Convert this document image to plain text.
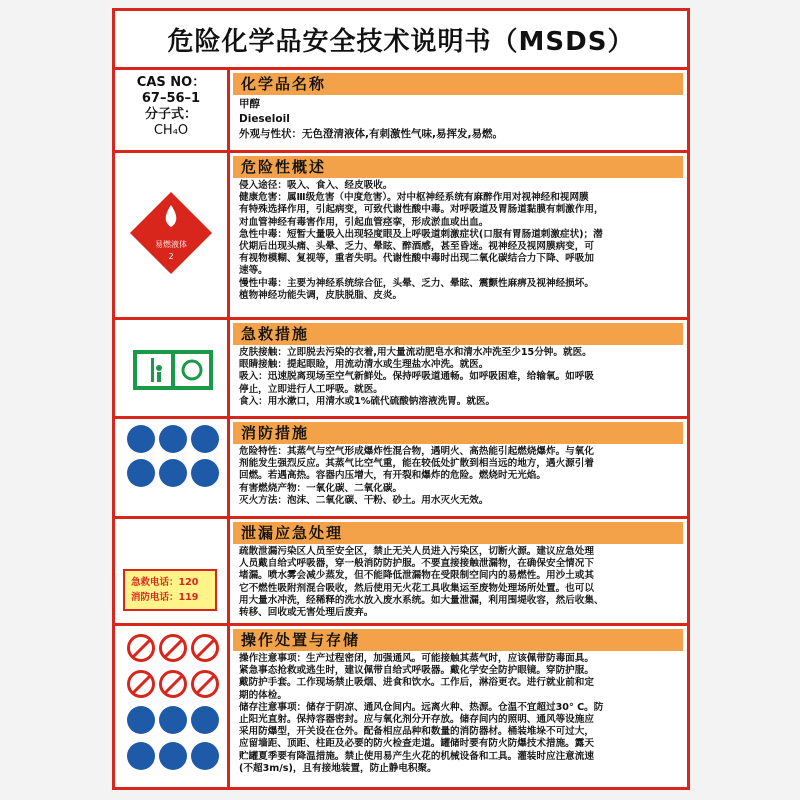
危险化学品安全技术说明书（MSDS）
CAS NO：
67–56–1
分子式：
CH₄O
化学品名称

甲醇

Dieseloil

外观与性状：无色澄清液体,有刺激性气味,易挥发,易燃。

易燃液体
2
危险性概述

侵入途径：吸入、食入、经皮吸收。

健康危害：属Ⅲ级危害（中度危害）。对中枢神经系统有麻醉作用对视神经和视网膜

有特殊选择作用，引起病变，可致代谢性酸中毒。对呼吸道及胃肠道黏膜有刺激作用，

对血管神经有毒害作用，引起血管痉挛，形成淤血或出血。

急性中毒：短暂大量吸入出现轻度眼及上呼吸道刺激症状(口服有胃肠道刺激症状)；潜

伏期后出现头痛、头晕、乏力、晕眩、醉酒感，甚至昏迷。视神经及视网膜病变，可

有视物模糊、复视等，重者失明。代谢性酸中毒时出现二氧化碳结合力下降、呼吸加

速等。

慢性中毒：主要为神经系统综合征，头晕、乏力、晕眩、震颤性麻痹及视神经损坏。

植物神经功能失调，皮肤脱脂、皮炎。

急救措施

皮肤接触：立即脱去污染的衣着,用大量流动肥皂水和清水冲洗至少15分钟。就医。

眼睛接触：提起眼睑，用流动清水或生理盐水冲洗。就医。

吸入：迅速脱离现场至空气新鲜处。保持呼吸道通畅。如呼吸困难，给输氧。如呼吸

停止，立即进行人工呼吸。就医。

食入：用水漱口，用清水或1%硫代硫酸钠溶液洗胃。就医。

消防措施

危险特性：其蒸气与空气形成爆炸性混合物，遇明火、高热能引起燃烧爆炸。与氧化

剂能发生强烈反应。其蒸气比空气重，能在较低处扩散到相当远的地方，遇火源引着

回燃。若遇高热。容器内压增大，有开裂和爆炸的危险。燃烧时无光焰。

有害燃烧产物：一氧化碳、二氧化碳。

灭火方法：泡沫、二氧化碳、干粉、砂土。用水灭火无效。

急救电话：120
消防电话：119
泄漏应急处理

疏散泄漏污染区人员至安全区，禁止无关人员进入污染区，切断火源。建议应急处理

人员戴自给式呼吸器，穿一般消防防护服。不要直接接触泄漏物，在确保安全情况下

堵漏。喷水雾会减少蒸发，但不能降低泄漏物在受限制空间内的易燃性。用沙土或其

它不燃性吸附剂混合吸收，然后使用无火花工具收集运至废物处理场所处置。也可以

用大量水冲洗，经稀释的洗水放入废水系统。如大量泄漏，利用围堤收容，然后收集、

转移、回收或无害处理后废弃。

操作处置与存储

操作注意事项：生产过程密闭，加强通风。可能接触其蒸气时，应该佩带防毒面具。

紧急事态抢救或逃生时，建议佩带自给式呼吸器。戴化学安全防护眼镜。穿防护服。

戴防护手套。工作现场禁止吸烟、进食和饮水。工作后，淋浴更衣。进行就业前和定

期的体检。

储存注意事项：储存于阴凉、通风仓间内。远离火种、热源。仓温不宜超过30° C。防

止阳光直射。保持容器密封。应与氧化剂分开存放。储存间内的照明、通风等设施应

采用防爆型，开关设在仓外。配备相应品种和数量的消防器材。桶装堆垛不可过大，

应留墙距、顶距、柱距及必要的防火检查走道。罐储时要有防火防爆技术措施。露天

贮罐夏季要有降温措施。禁止使用易产生火花的机械设备和工具。灌装时应注意流速

(不超3m/s)，且有接地装置，防止静电积聚。
